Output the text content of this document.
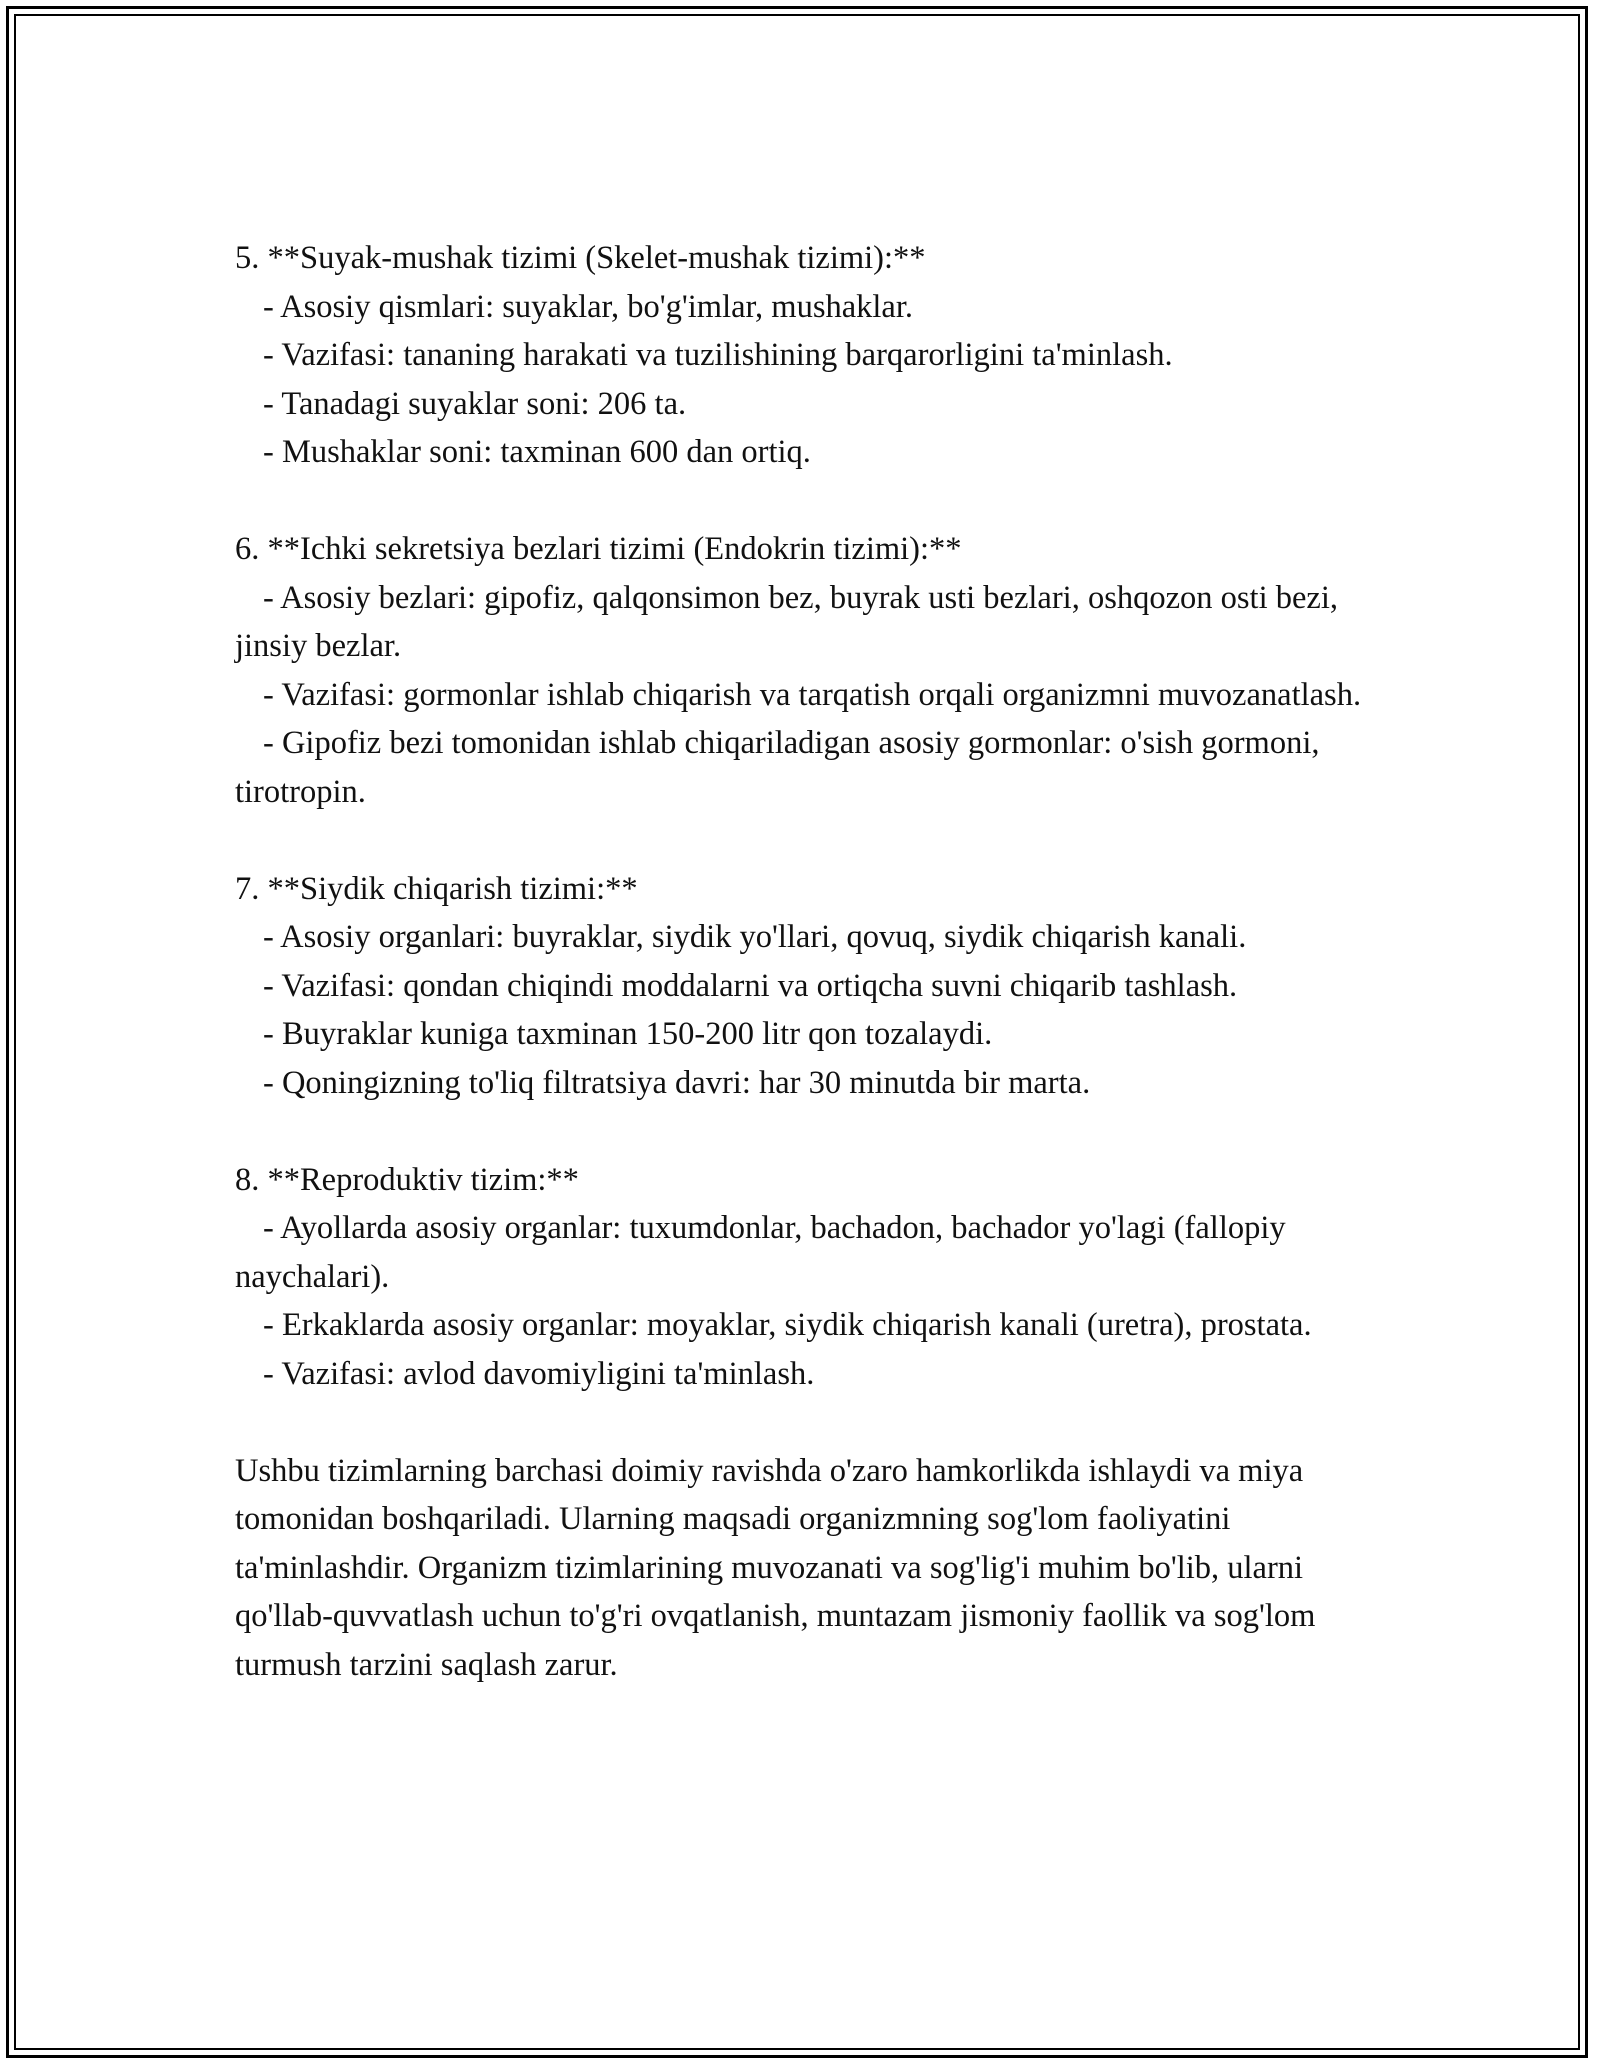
5. **Suyak-mushak tizimi (Skelet-mushak tizimi):**
- Asosiy qismlari: suyaklar, bo'g'imlar, mushaklar.
- Vazifasi: tananing harakati va tuzilishining barqarorligini ta'minlash.
- Tanadagi suyaklar soni: 206 ta.
- Mushaklar soni: taxminan 600 dan ortiq.
6. **Ichki sekretsiya bezlari tizimi (Endokrin tizimi):**
- Asosiy bezlari: gipofiz, qalqonsimon bez, buyrak usti bezlari, oshqozon osti bezi, jinsiy bezlar.
- Vazifasi: gormonlar ishlab chiqarish va tarqatish orqali organizmni muvozanatlash.
- Gipofiz bezi tomonidan ishlab chiqariladigan asosiy gormonlar: o'sish gormoni, tirotropin.
7. **Siydik chiqarish tizimi:**
- Asosiy organlari: buyraklar, siydik yo'llari, qovuq, siydik chiqarish kanali.
- Vazifasi: qondan chiqindi moddalarni va ortiqcha suvni chiqarib tashlash.
- Buyraklar kuniga taxminan 150-200 litr qon tozalaydi.
- Qoningizning to'liq filtratsiya davri: har 30 minutda bir marta.
8. **Reproduktiv tizim:**
- Ayollarda asosiy organlar: tuxumdonlar, bachadon, bachador yo'lagi (fallopiy naychalari).
- Erkaklarda asosiy organlar: moyaklar, siydik chiqarish kanali (uretra), prostata.
- Vazifasi: avlod davomiyligini ta'minlash.

Ushbu tizimlarning barchasi doimiy ravishda o'zaro hamkorlikda ishlaydi va miya tomonidan boshqariladi. Ularning maqsadi organizmning sog'lom faoliyatini ta'minlashdir. Organizm tizimlarining muvozanati va sog'lig'i muhim bo'lib, ularni qo'llab-quvvatlash uchun to'g'ri ovqatlanish, muntazam jismoniy faollik va sog'lom turmush tarzini saqlash zarur.
